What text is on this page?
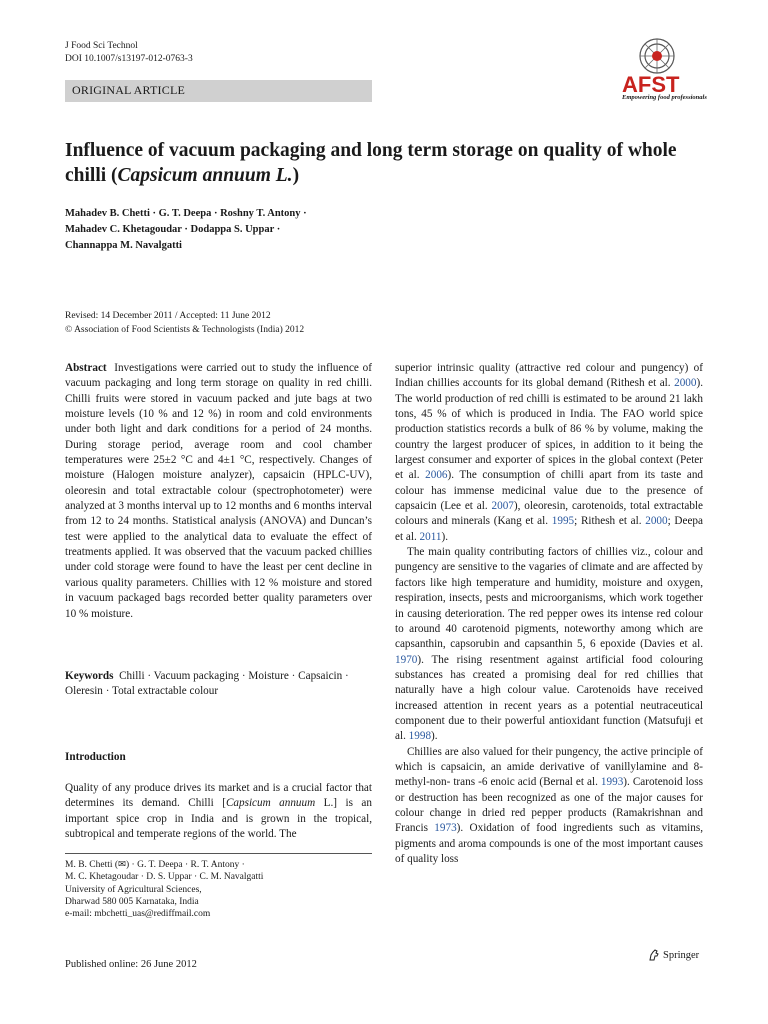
J Food Sci Technol
DOI 10.1007/s13197-012-0763-3
ORIGINAL ARTICLE	AFST
Empowering food professionals
Influence of vacuum packaging and long term storage on quality of whole chilli (Capsicum annuum L.)
Mahadev B. Chetti · G. T. Deepa · Roshny T. Antony ·
Mahadev C. Khetagoudar · Dodappa S. Uppar ·
Channappa M. Navalgatti
Revised: 14 December 2011 / Accepted: 11 June 2012
© Association of Food Scientists & Technologists (India) 2012
Abstract Investigations were carried out to study the influence of vacuum packaging and long term storage on quality in red chilli. Chilli fruits were stored in vacuum packed and jute bags at two moisture levels (10 % and 12 %) in room and cold environments under both light and dark conditions for a period of 24 months. During storage period, average room and cool chamber temperatures were 25±2 °C and 4±1 °C, respectively. Changes of moisture (Halogen moisture analyzer), capsaicin (HPLC-UV), oleoresin and total extractable colour (spectrophotometer) were analyzed at 3 months interval up to 12 months and 6 months interval from 12 to 24 months. Statistical analysis (ANOVA) and Duncan’s test were applied to the analytical data to evaluate the effect of treatments applied. It was observed that the vacuum packed chillies under cold storage were found to have the least per cent decline in various quality parameters. Chillies with 12 % moisture and stored in vacuum packaged bags recorded better quality parameters over 10 % moisture.
Keywords Chilli · Vacuum packaging · Moisture · Capsaicin · Oleresin · Total extractable colour
Introduction
Quality of any produce drives its market and is a crucial factor that determines its demand. Chilli [Capsicum annuum L.] is an important spice crop in India and is grown in the tropical, subtropical and temperate regions of the world. The
M. B. Chetti (✉) · G. T. Deepa · R. T. Antony ·
M. C. Khetagoudar · D. S. Uppar · C. M. Navalgatti
University of Agricultural Sciences,
Dharwad 580 005 Karnataka, India
e-mail: mbchetti_uas@rediffmail.com

superior intrinsic quality (attractive red colour and pungency) of Indian chillies accounts for its global demand (Rithesh et al. 2000). The world production of red chilli is estimated to be around 21 lakh tons, 45 % of which is produced in India. The FAO world spice production statistics records a bulk of 86 % by volume, making the country the largest producer of spices, in addition to it being the largest consumer and exporter of spices in the global context (Peter et al. 2006). The consumption of chilli apart from its taste and colour has immense medicinal value due to the presence of capsaicin (Lee et al. 2007), oleoresin, carotenoids, total extractable colours and minerals (Kang et al. 1995; Rithesh et al. 2000; Deepa et al. 2011).

The main quality contributing factors of chillies viz., colour and pungency are sensitive to the vagaries of climate and are affected by factors like high temperature and humidity, moisture and oxygen, respiration, insects, pests and microorganisms, which work together in causing deterioration. The red pepper owes its intense red colour to around 40 carotenoid pigments, noteworthy among which are capsanthin, capsorubin and capsanthin 5, 6 epoxide (Davies et al. 1970). The rising resentment against artificial food colouring substances has created a promising deal for red chillies that naturally have a high colour value. Carotenoids have received increased attention in recent years as a potential neutraceutical component due to their powerful antioxidant function (Matsufuji et al. 1998).

Chillies are also valued for their pungency, the active principle of which is capsaicin, an amide derivative of vanillylamine and 8-methyl-non- trans -6 enoic acid (Bernal et al. 1993). Carotenoid loss or destruction has been recognized as one of the major causes for colour change in dried red pepper products (Ramakrishnan and Francis 1973). Oxidation of food ingredients such as vitamins, pigments and aroma compounds is one of the most important causes of quality loss

Published online: 26 June 2012
Springer
